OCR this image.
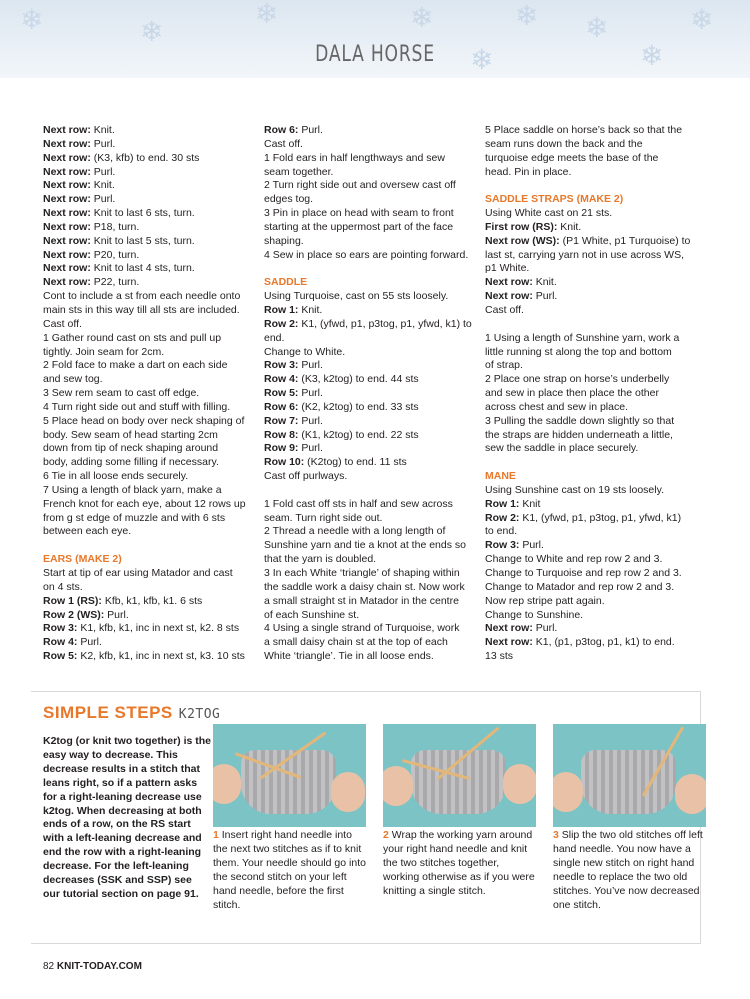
❄	❄
❄	❄	❄ ❄	❄
❄	❄
DALA HORSE

Next row: Knit.

Next row: Purl.

Next row: (K3, kfb) to end. 30 sts

Next row: Purl.

Next row: Knit.

Next row: Purl.

Next row: Knit to last 6 sts, turn.

Next row: P18, turn.

Next row: Knit to last 5 sts, turn.

Next row: P20, turn.

Next row: Knit to last 4 sts, turn.

Next row: P22, turn.

Cont to include a st from each needle onto

main sts in this way till all sts are included.

Cast off.

1 Gather round cast on sts and pull up

tightly. Join seam for 2cm.

2 Fold face to make a dart on each side

and sew tog.

3 Sew rem seam to cast off edge.

4 Turn right side out and stuff with filling.

5 Place head on body over neck shaping of

body. Sew seam of head starting 2cm

down from tip of neck shaping around

body, adding some filling if necessary.

6 Tie in all loose ends securely.

7 Using a length of black yarn, make a

French knot for each eye, about 12 rows up

from g st edge of muzzle and with 6 sts

between each eye.

EARS (MAKE 2)

Start at tip of ear using Matador and cast

on 4 sts.

Row 1 (RS): Kfb, k1, kfb, k1. 6 sts

Row 2 (WS): Purl.

Row 3: K1, kfb, k1, inc in next st, k2. 8 sts

Row 4: Purl.

Row 5: K2, kfb, k1, inc in next st, k3. 10 sts

Row 6: Purl.

Cast off.

1 Fold ears in half lengthways and sew

seam together.

2 Turn right side out and oversew cast off

edges tog.

3 Pin in place on head with seam to front

starting at the uppermost part of the face

shaping.

4 Sew in place so ears are pointing forward.

SADDLE

Using Turquoise, cast on 55 sts loosely.

Row 1: Knit.

Row 2: K1, (yfwd, p1, p3tog, p1, yfwd, k1) to

end.

Change to White.

Row 3: Purl.

Row 4: (K3, k2tog) to end. 44 sts

Row 5: Purl.

Row 6: (K2, k2tog) to end. 33 sts

Row 7: Purl.

Row 8: (K1, k2tog) to end. 22 sts

Row 9: Purl.

Row 10: (K2tog) to end. 11 sts

Cast off purlways.

1 Fold cast off sts in half and sew across

seam. Turn right side out.

2 Thread a needle with a long length of

Sunshine yarn and tie a knot at the ends so

that the yarn is doubled.

3 In each White ‘triangle’ of shaping within

the saddle work a daisy chain st. Now work

a small straight st in Matador in the centre

of each Sunshine st.

4 Using a single strand of Turquoise, work

a small daisy chain st at the top of each

White ‘triangle’. Tie in all loose ends.

5 Place saddle on horse’s back so that the

seam runs down the back and the

turquoise edge meets the base of the

head. Pin in place.

SADDLE STRAPS (MAKE 2)

Using White cast on 21 sts.

First row (RS): Knit.

Next row (WS): (P1 White, p1 Turquoise) to

last st, carrying yarn not in use across WS,

p1 White.

Next row: Knit.

Next row: Purl.

Cast off.

1 Using a length of Sunshine yarn, work a

little running st along the top and bottom

of strap.

2 Place one strap on horse’s underbelly

and sew in place then place the other

across chest and sew in place.

3 Pulling the saddle down slightly so that

the straps are hidden underneath a little,

sew the saddle in place securely.

MANE

Using Sunshine cast on 19 sts loosely.

Row 1: Knit

Row 2: K1, (yfwd, p1, p3tog, p1, yfwd, k1)

to end.

Row 3: Purl.

Change to White and rep row 2 and 3.

Change to Turquoise and rep row 2 and 3.

Change to Matador and rep row 2 and 3.

Now rep stripe patt again.

Change to Sunshine.

Next row: Purl.

Next row: K1, (p1, p3tog, p1, k1) to end.

13 sts

SIMPLE STEPS K2TOG
K2tog (or knit two together) is the easy way to decrease. This decrease results in a stitch that leans right, so if a pattern asks for a right-leaning decrease use k2tog. When decreasing at both ends of a row, on the RS start with a left-leaning decrease and end the row with a right-leaning decrease. For the left-leaning decreases (SSK and SSP) see our tutorial section on page 91.
1 Insert right hand needle into the next two stitches as if to knit them. Your needle should go into the second stitch on your left hand needle, before the first stitch.
2 Wrap the working yarn around your right hand needle and knit the two stitches together, working otherwise as if you were knitting a single stitch.
3 Slip the two old stitches off left hand needle. You now have a single new stitch on right hand needle to replace the two old stitches. You’ve now decreased one stitch.
82 KNIT-TODAY.COM
